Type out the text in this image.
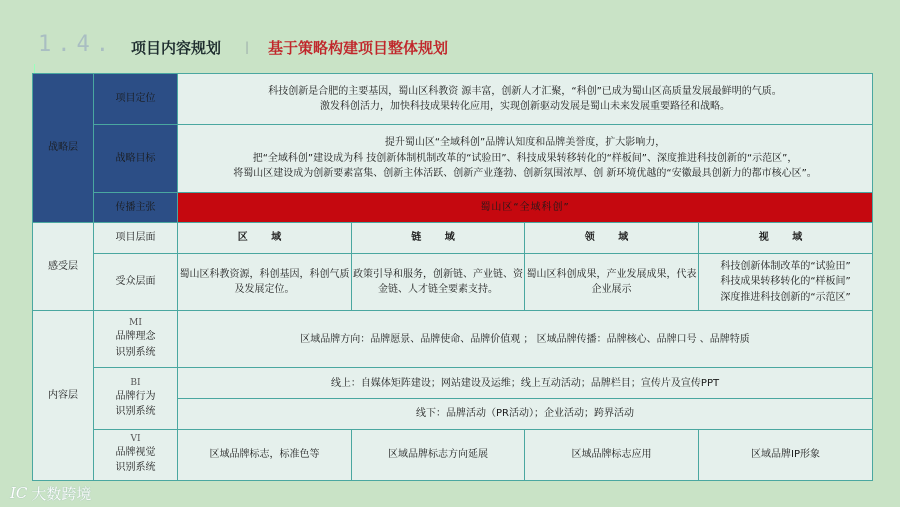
1.4. 项目内容规划 | 基于策略构建项目整体规划
战略层	项目定位	科技创新是合肥的主要基因，蜀山区科教资 源丰富，创新人才汇聚，“科创”已成为蜀山区高质量发展最鲜明的气质。
激发科创活力，加快科技成果转化应用，实现创新驱动发展是蜀山未来发展重要路径和战略。			

	战略目标	提升蜀山区“全域科创”品牌认知度和品牌美誉度，扩大影响力，
把“全域科创”建设成为科 技创新体制机制改革的“试验田”、科技成果转移转化的“样板间”、深度推进科技创新的“示范区”，
将蜀山区建设成为创新要素富集、创新主体活跃、创新产业蓬勃、创新氛围浓厚、创 新环境优越的“安徽最具创新力的都市核心区”。			

	传播主张	蜀山区“全域科创”			
感受层	项目层面	区 域	链 域	领 域	视 域
	受众层面	蜀山区科教资源，科创基因，科创气质及发展定位。	政策引导和服务，创新链、产业链、资金链、人才链全要素支持。	蜀山区科创成果，产业发展成果，代表企业展示	科技创新体制改革的“试验田”
科技成果转移转化的“样板间”
深度推进科技创新的“示范区”

内容层	MI
品牌理念
识别系统	区域品牌方向：品牌愿景、品牌使命、品牌价值观 ； 区域品牌传播：品牌核心、品牌口号 、品牌特质			

	BI
品牌行为
识别系统	线上：自媒体矩阵建设；网站建设及运维；线上互动活动；品牌栏目；宣传片及宣传PPT			
		线下：品牌活动（PR活动）；企业活动；跨界活动			

	VI
品牌视觉
识别系统	区域品牌标志，标准色等	区域品牌标志方向延展	区域品牌标志应用	区域品牌IP形象
I⁠C 大数跨境
